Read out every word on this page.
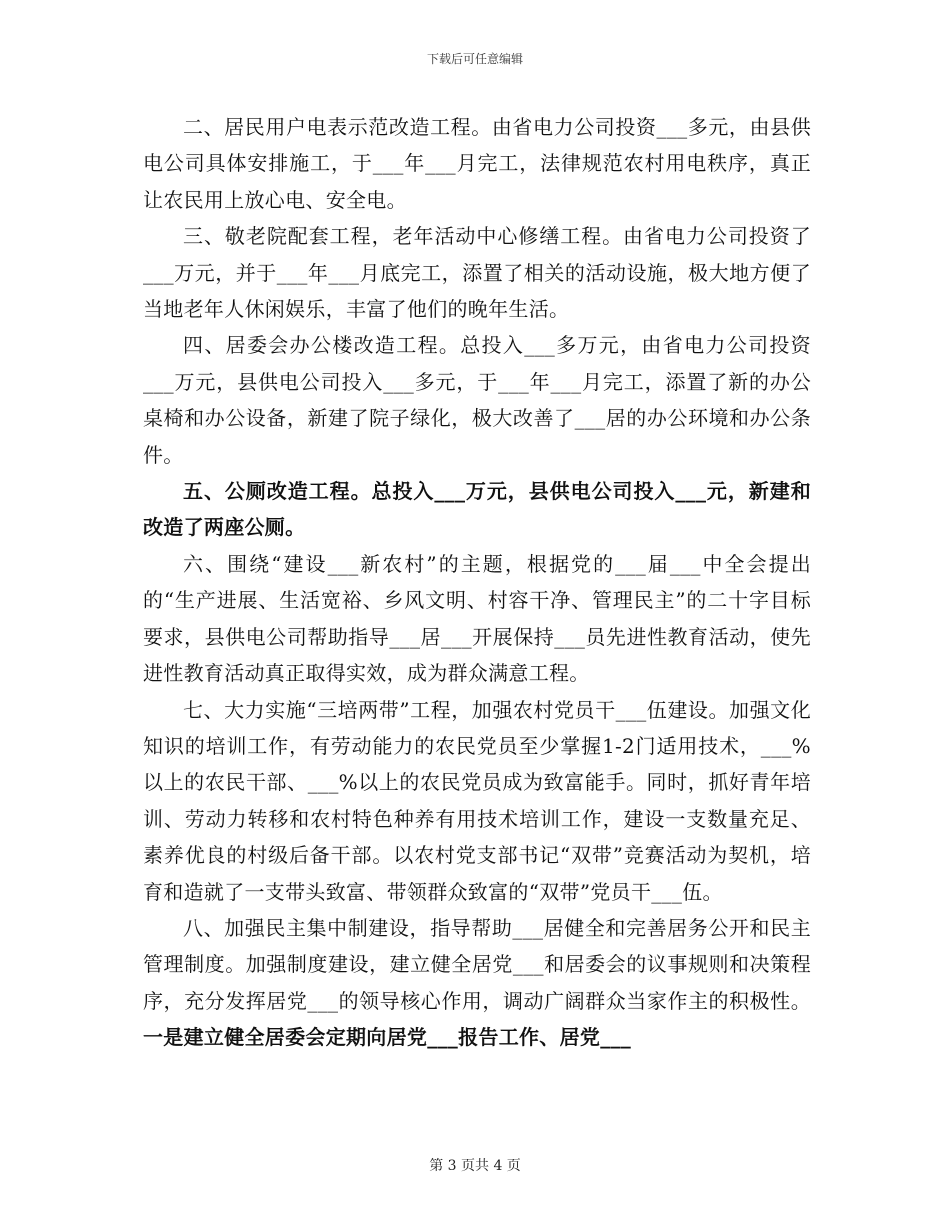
下载后可任意编辑

二、居民用户电表示范改造工程。由省电力公司投资___多元，由县供电公司具体安排施工，于___年___月完工，法律规范农村用电秩序，真正让农民用上放心电、安全电。

三、敬老院配套工程，老年活动中心修缮工程。由省电力公司投资了___万元，并于___年___月底完工，添置了相关的活动设施，极大地方便了当地老年人休闲娱乐，丰富了他们的晚年生活。

四、居委会办公楼改造工程。总投入___多万元，由省电力公司投资___万元，县供电公司投入___多元，于___年___月完工，添置了新的办公桌椅和办公设备，新建了院子绿化，极大改善了___居的办公环境和办公条件。

五、公厕改造工程。总投入___万元，县供电公司投入___元，新建和改造了两座公厕。

六、围绕“建设___新农村”的主题，根据党的___届___中全会提出的“生产进展、生活宽裕、乡风文明、村容干净、管理民主”的二十字目标要求，县供电公司帮助指导___居___开展保持___员先进性教育活动，使先进性教育活动真正取得实效，成为群众满意工程。

七、大力实施“三培两带”工程，加强农村党员干___伍建设。加强文化知识的培训工作，有劳动能力的农民党员至少掌握1-2门适用技术，___%以上的农民干部、___%以上的农民党员成为致富能手。同时，抓好青年培训、劳动力转移和农村特色种养有用技术培训工作，建设一支数量充足、素养优良的村级后备干部。以农村党支部书记“双带”竞赛活动为契机，培育和造就了一支带头致富、带领群众致富的“双带”党员干___伍。

八、加强民主集中制建设，指导帮助___居健全和完善居务公开和民主管理制度。加强制度建设，建立健全居党___和居委会的议事规则和决策程序，充分发挥居党___的领导核心作用，调动广阔群众当家作主的积极性。一是建立健全居委会定期向居党___报告工作、居党___

第 3 页共 4 页
